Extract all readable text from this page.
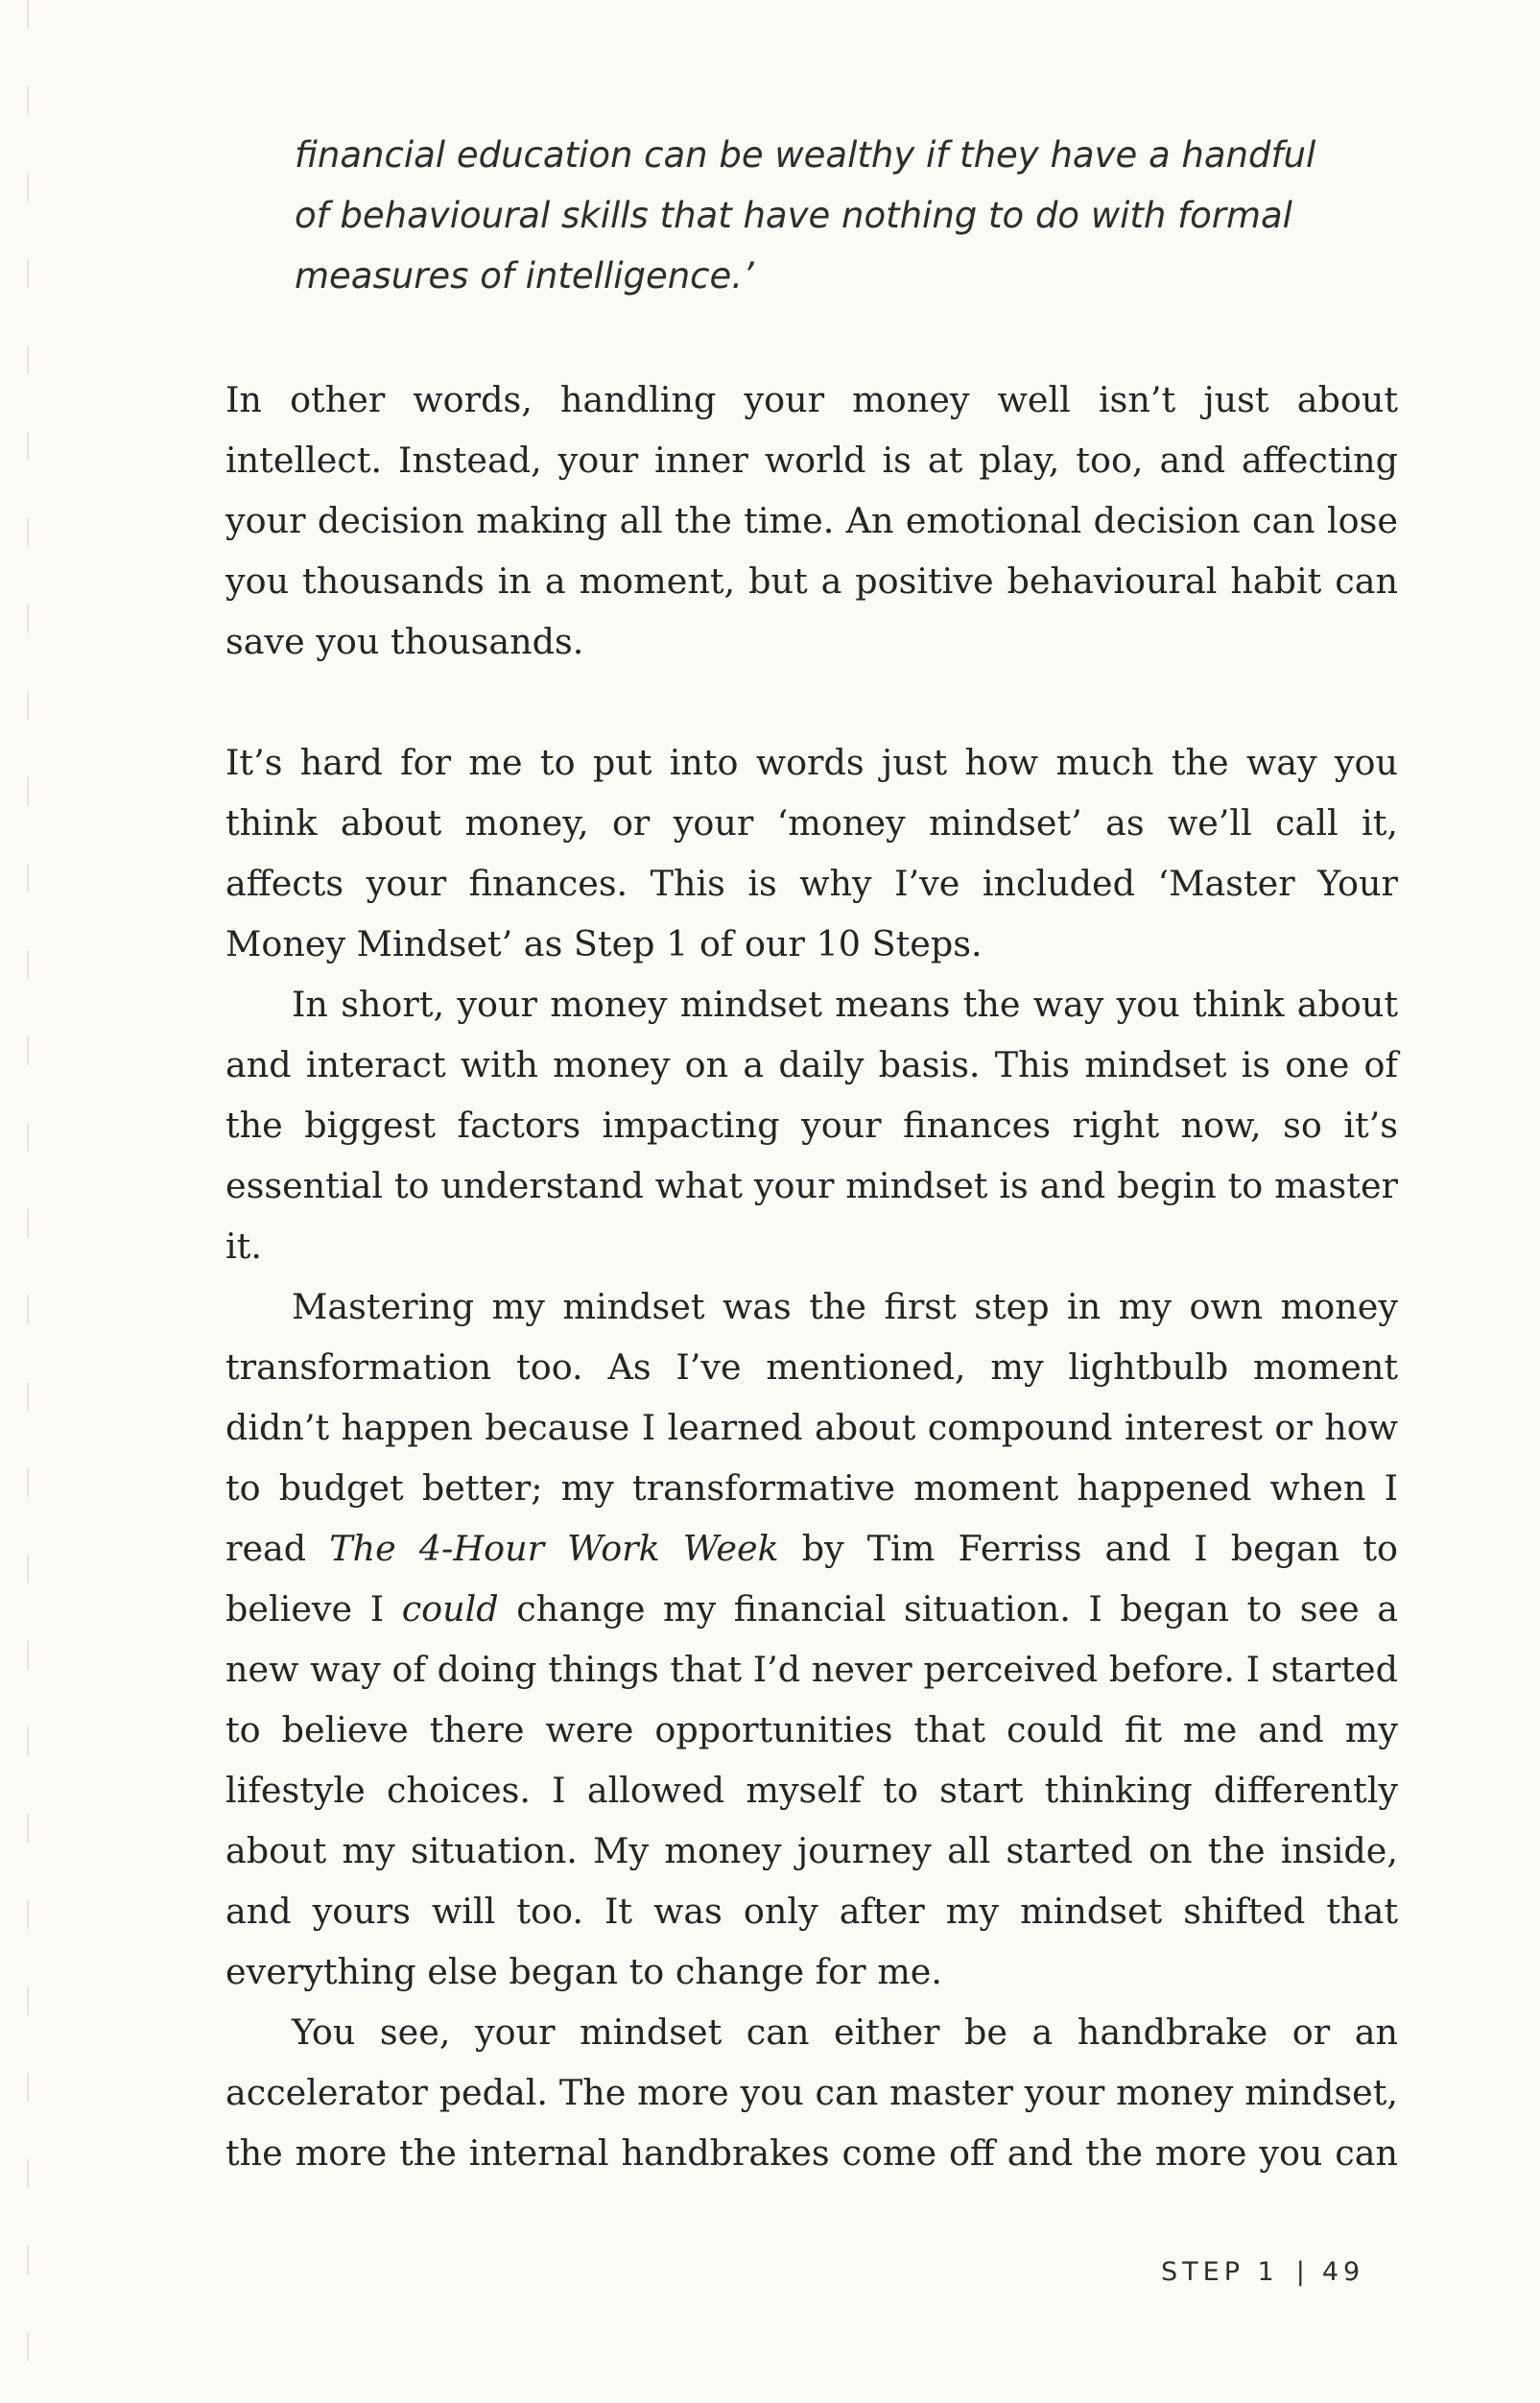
financial education can be wealthy if they have a handful of behavioural skills that have nothing to do with formal measures of intelligence.’

In other words, handling your money well isn’t just about intellect. Instead, your inner world is at play, too, and affecting your decision making all the time. An emotional decision can lose you thousands in a moment, but a positive behavioural habit can save you thousands.

It’s hard for me to put into words just how much the way you think about money, or your ‘money mindset’ as we’ll call it, affects your finances. This is why I’ve included ‘Master Your Money Mindset’ as Step 1 of our 10 Steps.

In short, your money mindset means the way you think about and interact with money on a daily basis. This mindset is one of the biggest factors impacting your finances right now, so it’s essential to understand what your mindset is and begin to master it.

Mastering my mindset was the first step in my own money transformation too. As I’ve mentioned, my lightbulb moment didn’t happen because I learned about compound interest or how to budget better; my transformative moment happened when I read The 4-Hour Work Week by Tim Ferriss and I began to believe I could change my financial situation. I began to see a new way of doing things that I’d never perceived before. I started to believe there were opportunities that could fit me and my lifestyle choices. I allowed myself to start thinking differently about my situation. My money journey all started on the inside, and yours will too. It was only after my mindset shifted that everything else began to change for me.

You see, your mindset can either be a handbrake or an accelerator pedal. The more you can master your money mindset, the more the internal handbrakes come off and the more you can

STEP 1 | 49
